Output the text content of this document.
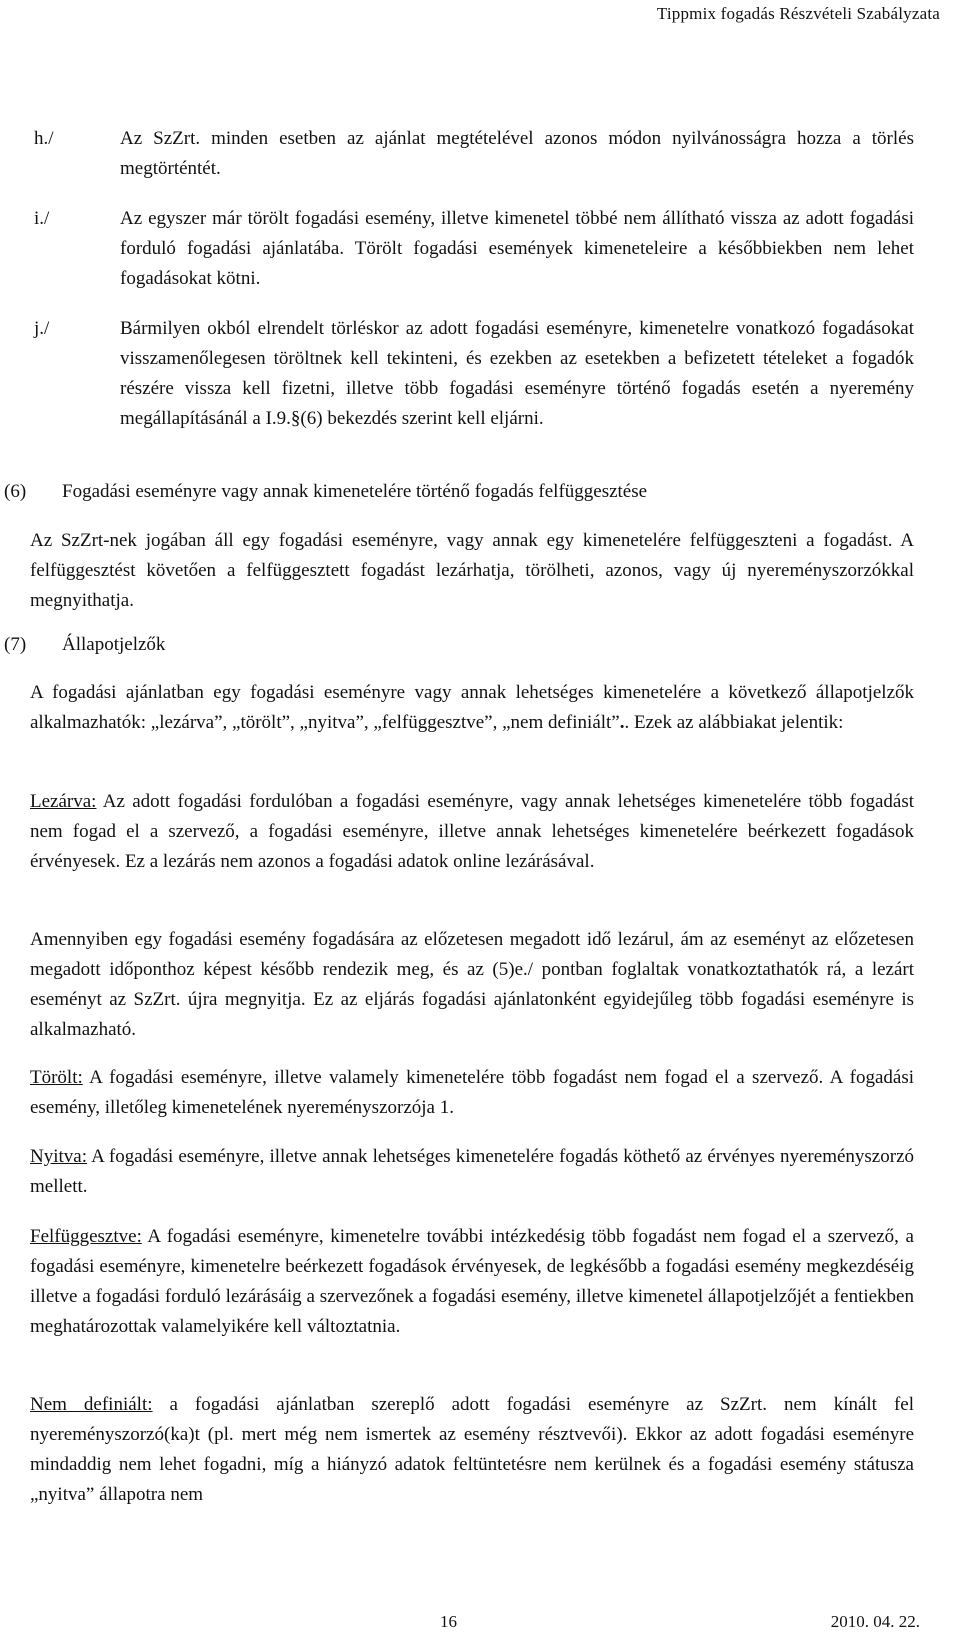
Tippmix fogadás Részvételi Szabályzata
h./	Az SzZrt. minden esetben az ajánlat megtételével azonos módon nyilvánosságra hozza a törlés megtörténtét.
i./	Az egyszer már törölt fogadási esemény, illetve kimenetel többé nem állítható vissza az adott fogadási forduló fogadási ajánlatába. Törölt fogadási események kimeneteleire a későbbiekben nem lehet fogadásokat kötni.
j./	Bármilyen okból elrendelt törléskor az adott fogadási eseményre, kimenetelre vonatkozó fogadásokat visszamenőlegesen töröltnek kell tekinteni, és ezekben az esetekben a befizetett tételeket a fogadók részére vissza kell fizetni, illetve több fogadási eseményre történő fogadás esetén a nyeremény megállapításánál a I.9.§(6) bekezdés szerint kell eljárni.
(6) Fogadási eseményre vagy annak kimenetelére történő fogadás felfüggesztése
Az SzZrt-nek jogában áll egy fogadási eseményre, vagy annak egy kimenetelére felfüggeszteni a fogadást. A felfüggesztést követően a felfüggesztett fogadást lezárhatja, törölheti, azonos, vagy új nyereményszorzókkal megnyithatja.
(7) Állapotjelzők
A fogadási ajánlatban egy fogadási eseményre vagy annak lehetséges kimenetelére a következő állapotjelzők alkalmazhatók: „lezárva”, „törölt”, „nyitva”, „felfüggesztve”, „nem definiált”.. Ezek az alábbiakat jelentik:
Lezárva: Az adott fogadási fordulóban a fogadási eseményre, vagy annak lehetséges kimenetelére több fogadást nem fogad el a szervező, a fogadási eseményre, illetve annak lehetséges kimenetelére beérkezett fogadások érvényesek. Ez a lezárás nem azonos a fogadási adatok online lezárásával.
Amennyiben egy fogadási esemény fogadására az előzetesen megadott idő lezárul, ám az eseményt az előzetesen megadott időponthoz képest később rendezik meg, és az (5)e./ pontban foglaltak vonatkoztathatók rá, a lezárt eseményt az SzZrt. újra megnyitja. Ez az eljárás fogadási ajánlatonként egyidejűleg több fogadási eseményre is alkalmazható.
Törölt: A fogadási eseményre, illetve valamely kimenetelére több fogadást nem fogad el a szervező. A fogadási esemény, illetőleg kimenetelének nyereményszorzója 1.
Nyitva: A fogadási eseményre, illetve annak lehetséges kimenetelére fogadás köthető az érvényes nyereményszorzó mellett.
Felfüggesztve: A fogadási eseményre, kimenetelre további intézkedésig több fogadást nem fogad el a szervező, a fogadási eseményre, kimenetelre beérkezett fogadások érvényesek, de legkésőbb a fogadási esemény megkezdéséig illetve a fogadási forduló lezárásáig a szervezőnek a fogadási esemény, illetve kimenetel állapotjelzőjét a fentiekben meghatározottak valamelyikére kell változtatnia.
Nem definiált: a fogadási ajánlatban szereplő adott fogadási eseményre az SzZrt. nem kínált fel nyereményszorzó(ka)t (pl. mert még nem ismertek az esemény résztvevői). Ekkor az adott fogadási eseményre mindaddig nem lehet fogadni, míg a hiányzó adatok feltüntetésre nem kerülnek és a fogadási esemény státusza „nyitva” állapotra nem
16	2010. 04. 22.
